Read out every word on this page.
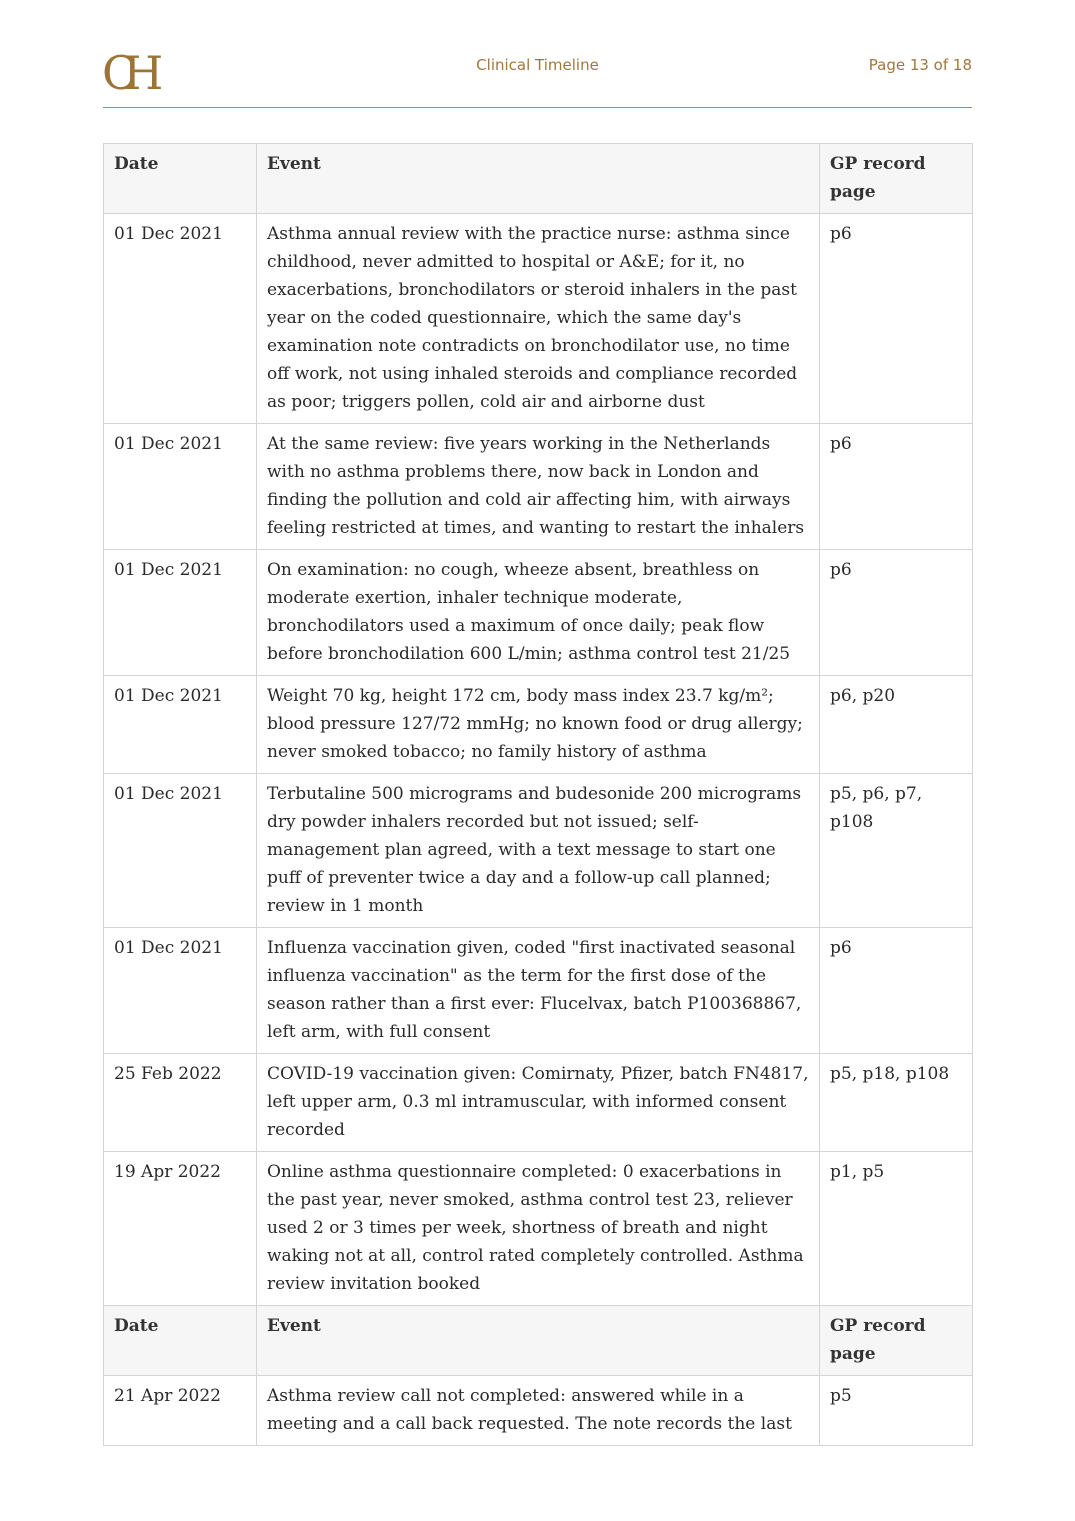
CH	Clinical Timeline	Page 13 of 18
Date	Event	GP record page
01 Dec 2021	Asthma annual review with the practice nurse: asthma since childhood, never admitted to hospital or A&E; for it, no exacerbations, bronchodilators or steroid inhalers in the past year on the coded questionnaire, which the same day's examination note contradicts on bronchodilator use, no time off work, not using inhaled steroids and compliance recorded as poor; triggers pollen, cold air and airborne dust	p6
01 Dec 2021	At the same review: five years working in the Netherlands with no asthma problems there, now back in London and finding the pollution and cold air affecting him, with airways feeling restricted at times, and wanting to restart the inhalers	p6
01 Dec 2021	On examination: no cough, wheeze absent, breathless on moderate exertion, inhaler technique moderate, bronchodilators used a maximum of once daily; peak flow before bronchodilation 600 L/min; asthma control test 21/25	p6
01 Dec 2021	Weight 70 kg, height 172 cm, body mass index 23.7 kg/m²; blood pressure 127/72 mmHg; no known food or drug allergy; never smoked tobacco; no family history of asthma	p6, p20
01 Dec 2021	Terbutaline 500 micrograms and budesonide 200 micrograms dry powder inhalers recorded but not issued; self-management plan agreed, with a text message to start one puff of preventer twice a day and a follow-up call planned; review in 1 month	p5, p6, p7, p108
01 Dec 2021	Influenza vaccination given, coded "first inactivated seasonal influenza vaccination" as the term for the first dose of the season rather than a first ever: Flucelvax, batch P100368867, left arm, with full consent	p6
25 Feb 2022	COVID-19 vaccination given: Comirnaty, Pfizer, batch FN4817, left upper arm, 0.3 ml intramuscular, with informed consent recorded	p5, p18, p108
19 Apr 2022	Online asthma questionnaire completed: 0 exacerbations in the past year, never smoked, asthma control test 23, reliever used 2 or 3 times per week, shortness of breath and night waking not at all, control rated completely controlled. Asthma review invitation booked	p1, p5
Date	Event	GP record page
21 Apr 2022	Asthma review call not completed: answered while in a meeting and a call back requested. The note records the last	p5
